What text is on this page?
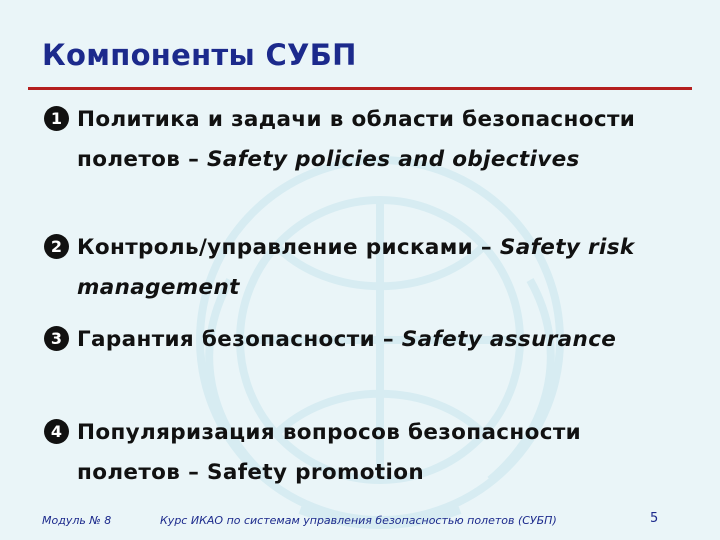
Компоненты СУБП
1 Политика и задачи в области безопасности полетов – Safety policies and objectives
2 Контроль/управление рисками – Safety risk management
3 Гарантия безопасности – Safety assurance
4 Популяризация вопросов безопасности полетов – Safety promotion
Модуль № 8	Курс ИКАО по системам управления безопасностью полетов (СУБП)	5
